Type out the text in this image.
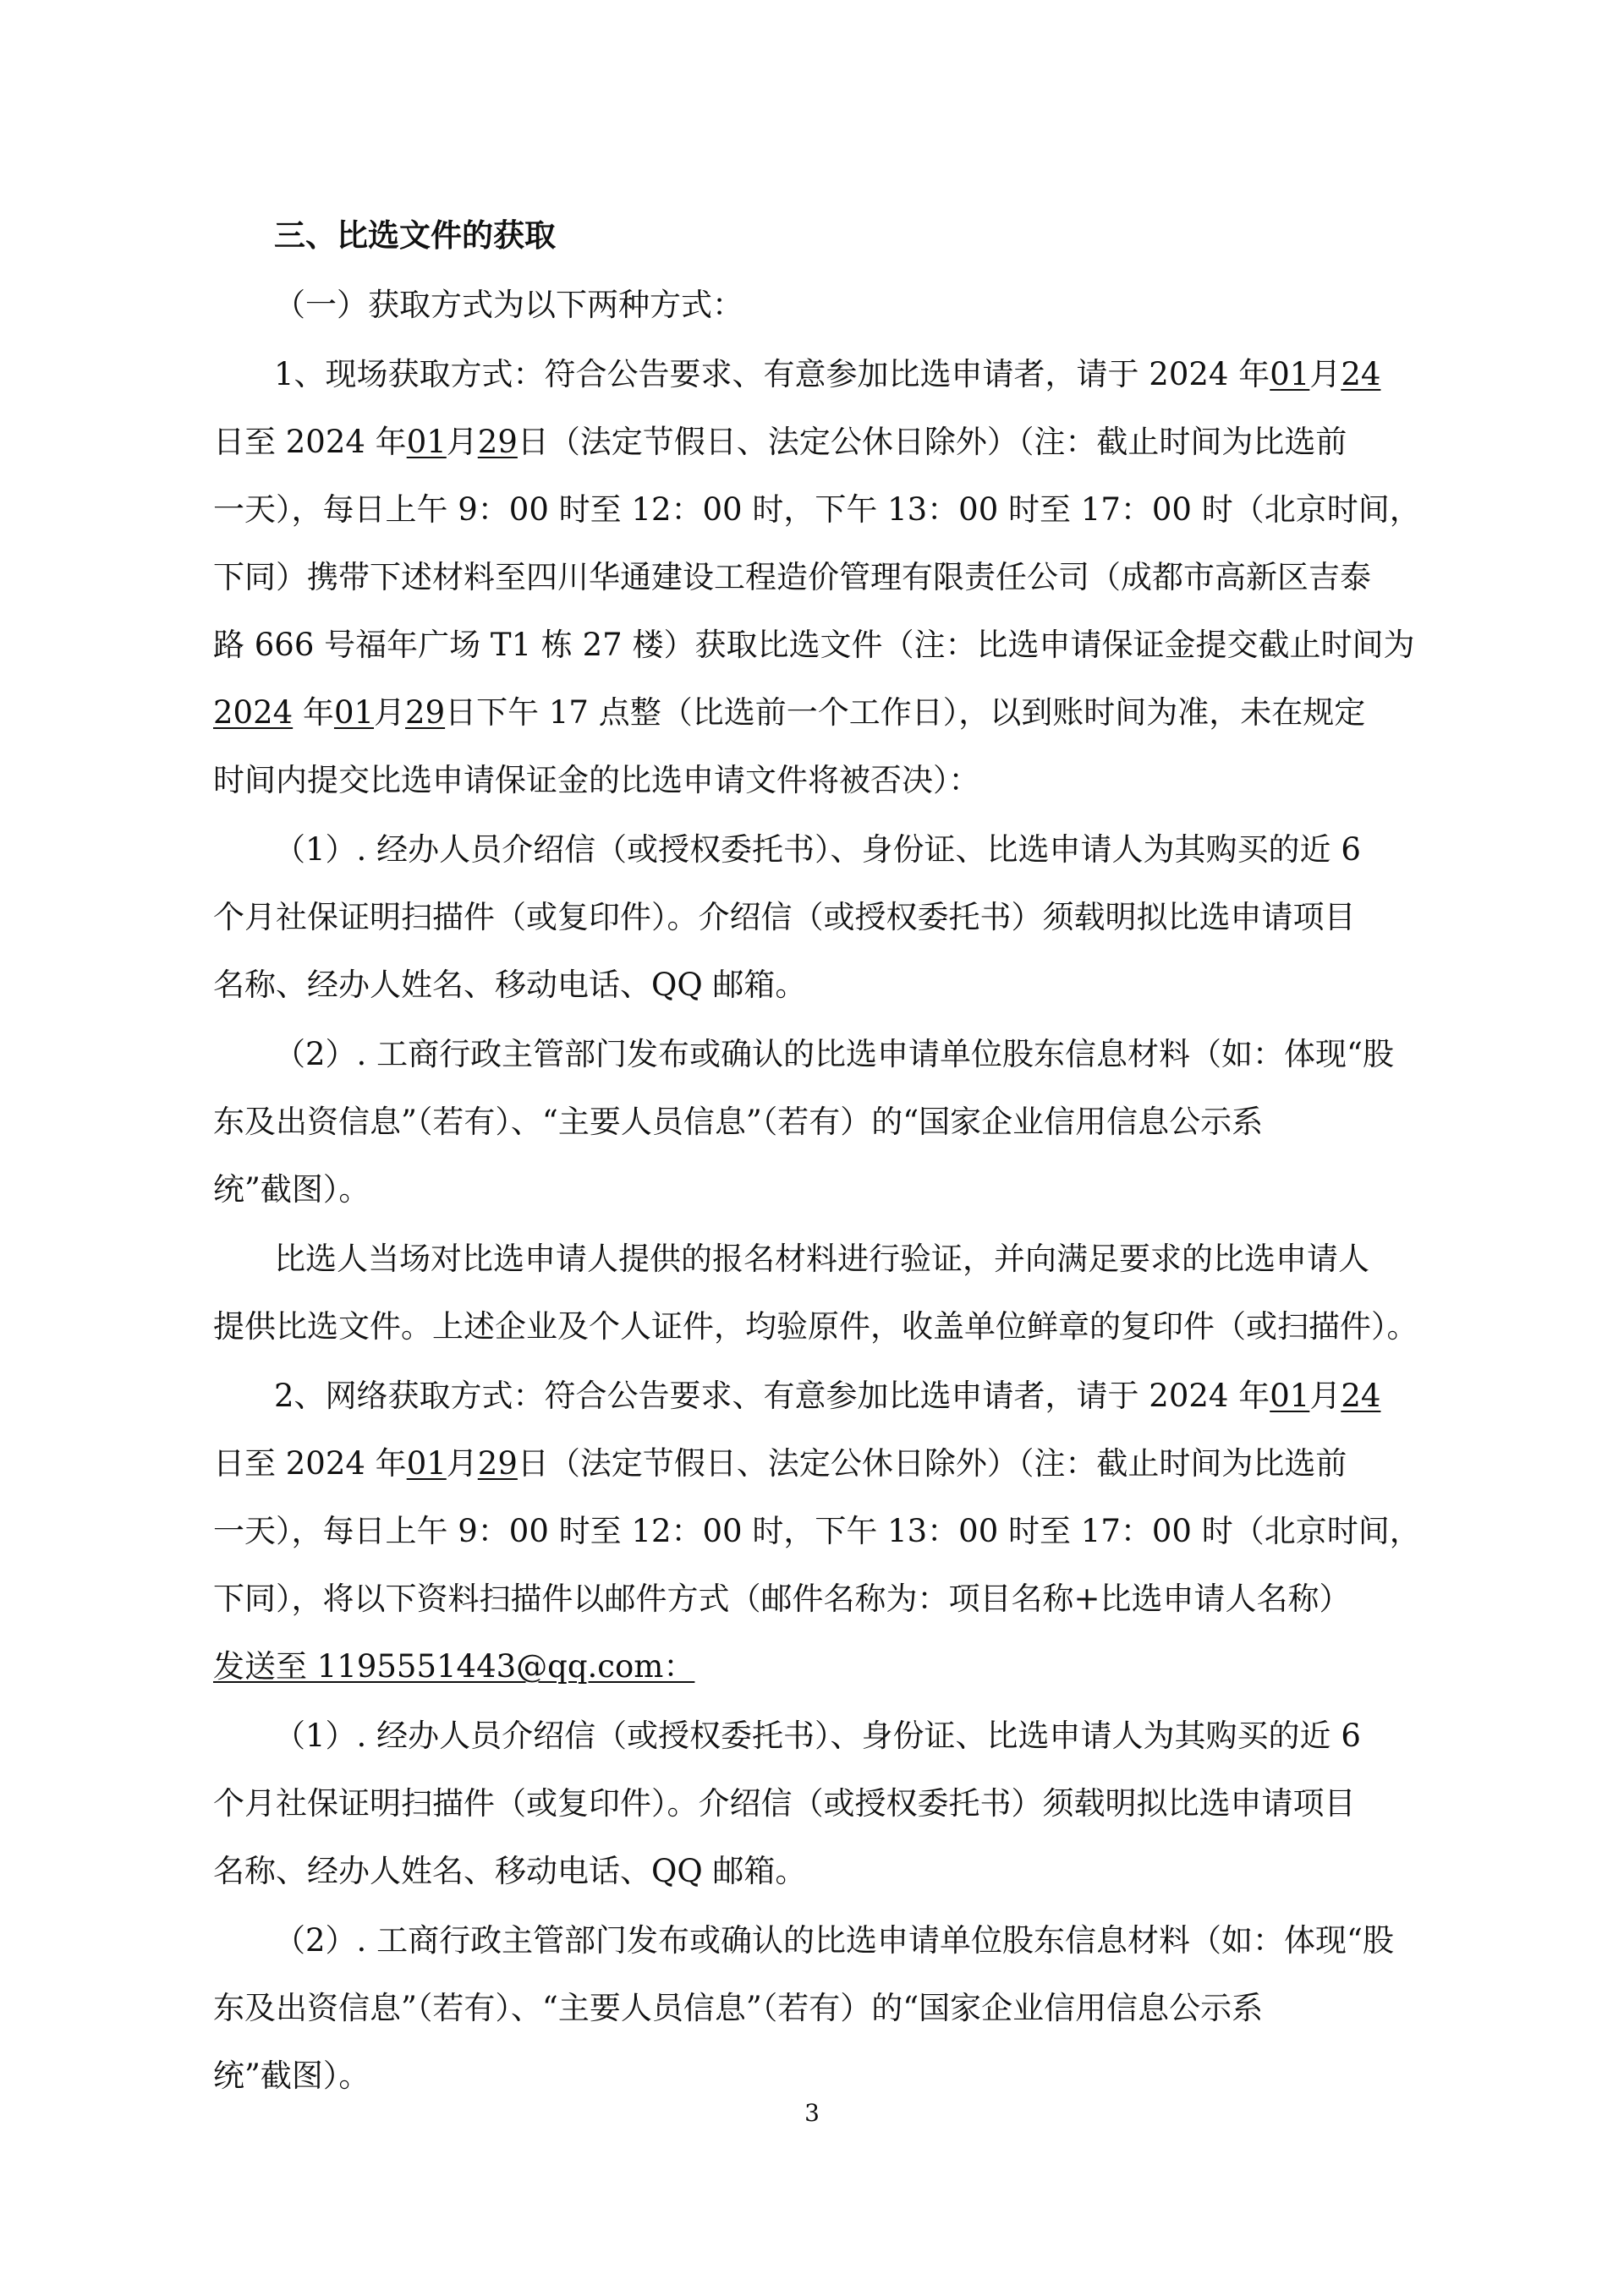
三、比选文件的获取
（一）获取方式为以下两种方式：
1、现场获取方式：符合公告要求、有意参加比选申请者，请于 2024 年01月24
日至 2024 年01月29日（法定节假日、法定公休日除外）（注：截止时间为比选前
一天），每日上午 9：00 时至 12：00 时，下午 13：00 时至 17：00 时（北京时间，
下同）携带下述材料至四川华通建设工程造价管理有限责任公司（成都市高新区吉泰
路 666 号福年广场 T1 栋 27 楼）获取比选文件（注：比选申请保证金提交截止时间为
2024 年01月29日下午 17 点整（比选前一个工作日），以到账时间为准，未在规定
时间内提交比选申请保证金的比选申请文件将被否决）：
（1）. 经办人员介绍信（或授权委托书）、身份证、比选申请人为其购买的近 6
个月社保证明扫描件（或复印件）。介绍信（或授权委托书）须载明拟比选申请项目
名称、经办人姓名、移动电话、QQ 邮箱。
（2）. 工商行政主管部门发布或确认的比选申请单位股东信息材料（如：体现“股
东及出资信息”（若有）、“主要人员信息”（若有）的“国家企业信用信息公示系
统”截图）。
比选人当场对比选申请人提供的报名材料进行验证，并向满足要求的比选申请人
提供比选文件。上述企业及个人证件，均验原件，收盖单位鲜章的复印件（或扫描件）。
2、网络获取方式：符合公告要求、有意参加比选申请者，请于 2024 年01月24
日至 2024 年01月29日（法定节假日、法定公休日除外）（注：截止时间为比选前
一天），每日上午 9：00 时至 12：00 时，下午 13：00 时至 17：00 时（北京时间，
下同），将以下资料扫描件以邮件方式（邮件名称为：项目名称+比选申请人名称）
发送至 1195551443@qq.com：
（1）. 经办人员介绍信（或授权委托书）、身份证、比选申请人为其购买的近 6
个月社保证明扫描件（或复印件）。介绍信（或授权委托书）须载明拟比选申请项目
名称、经办人姓名、移动电话、QQ 邮箱。
（2）. 工商行政主管部门发布或确认的比选申请单位股东信息材料（如：体现“股
东及出资信息”（若有）、“主要人员信息”（若有）的“国家企业信用信息公示系
统”截图）。
3
